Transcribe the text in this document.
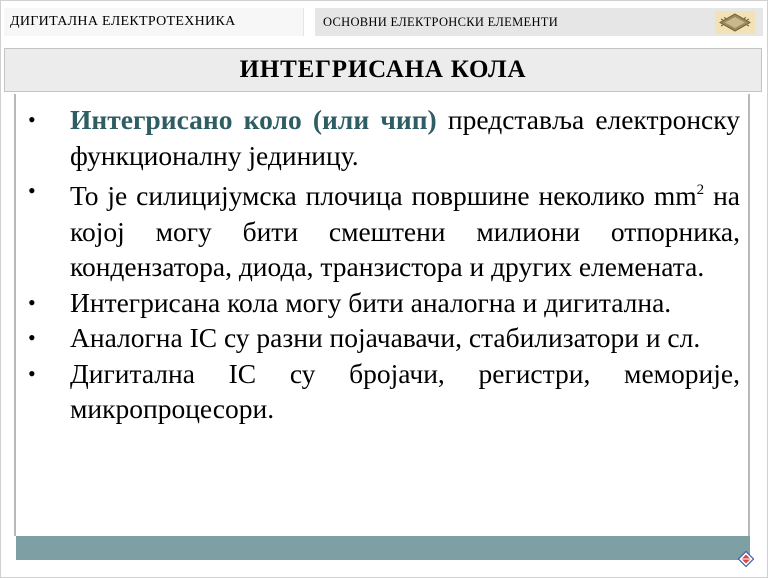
ДИГИТАЛНА ЕЛЕКТРОТЕХНИКА	ОСНОВНИ ЕЛЕКТРОНСКИ ЕЛЕМЕНТИ
ИНТЕГРИСАНА КОЛА
• Интегрисано коло (или чип) представља електронску функционалну јединицу.
• То је силицијумска плочица површине неколико $mm^2$ на којој могу бити смештени милиони отпорника, кондензатора, диода, транзистора и других елемената.
• Интегрисана кола могу бити аналогна и дигитална.
• Аналогна IC су разни појачавачи, стабилизатори и сл.
• Дигитална IC су бројачи, регистри, меморије, микропроцесори.
